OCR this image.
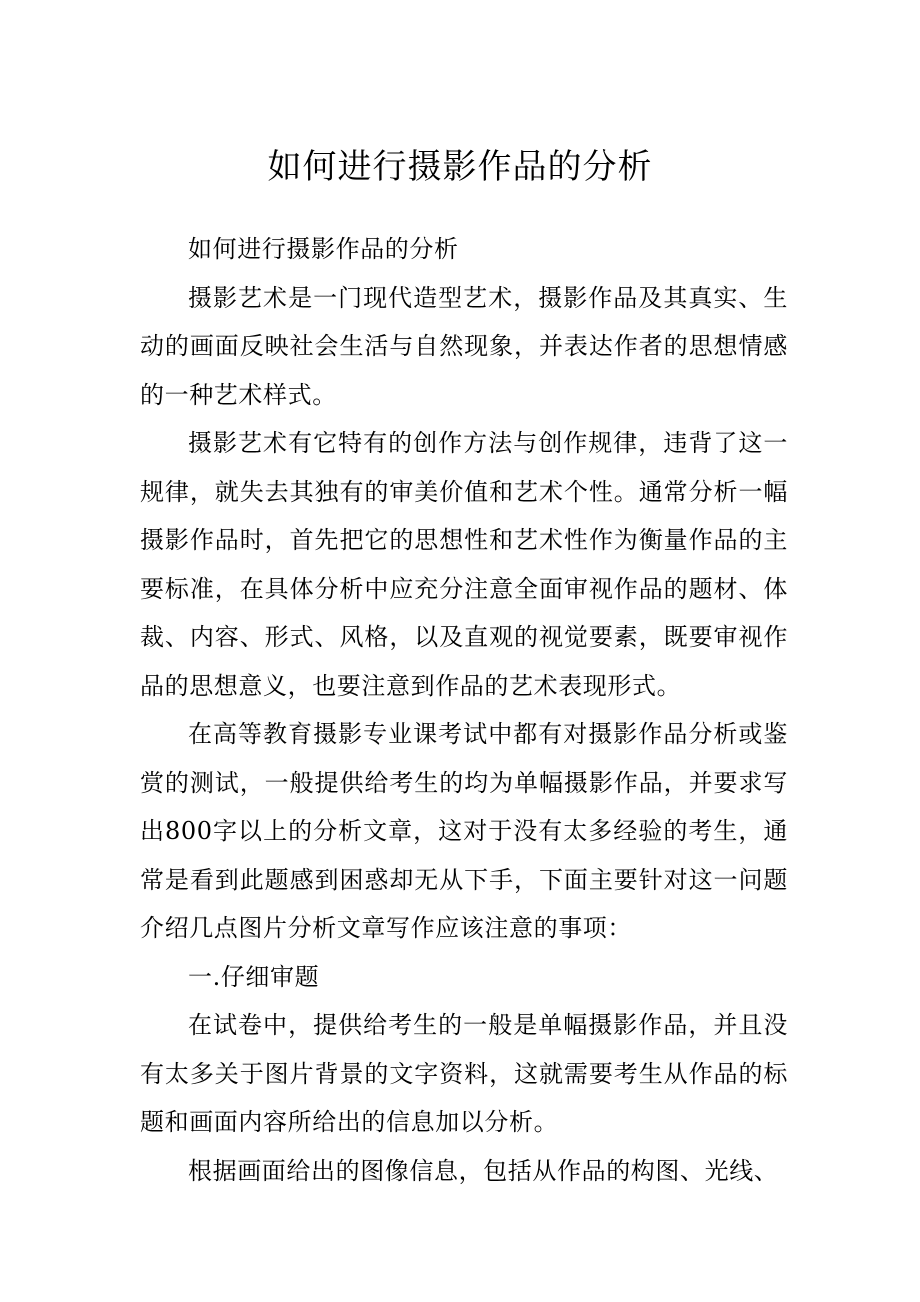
如何进行摄影作品的分析

如何进行摄影作品的分析

摄影艺术是一门现代造型艺术，摄影作品及其真实、生动的画面反映社会生活与自然现象，并表达作者的思想情感的一种艺术样式。

摄影艺术有它特有的创作方法与创作规律，违背了这一规律，就失去其独有的审美价值和艺术个性。通常分析一幅摄影作品时，首先把它的思想性和艺术性作为衡量作品的主要标准，在具体分析中应充分注意全面审视作品的题材、体裁、内容、形式、风格，以及直观的视觉要素，既要审视作品的思想意义，也要注意到作品的艺术表现形式。

在高等教育摄影专业课考试中都有对摄影作品分析或鉴赏的测试，一般提供给考生的均为单幅摄影作品，并要求写出800字以上的分析文章，这对于没有太多经验的考生，通常是看到此题感到困惑却无从下手，下面主要针对这一问题介绍几点图片分析文章写作应该注意的事项：

一.仔细审题

在试卷中，提供给考生的一般是单幅摄影作品，并且没有太多关于图片背景的文字资料，这就需要考生从作品的标题和画面内容所给出的信息加以分析。

根据画面给出的图像信息，包括从作品的构图、光线、
